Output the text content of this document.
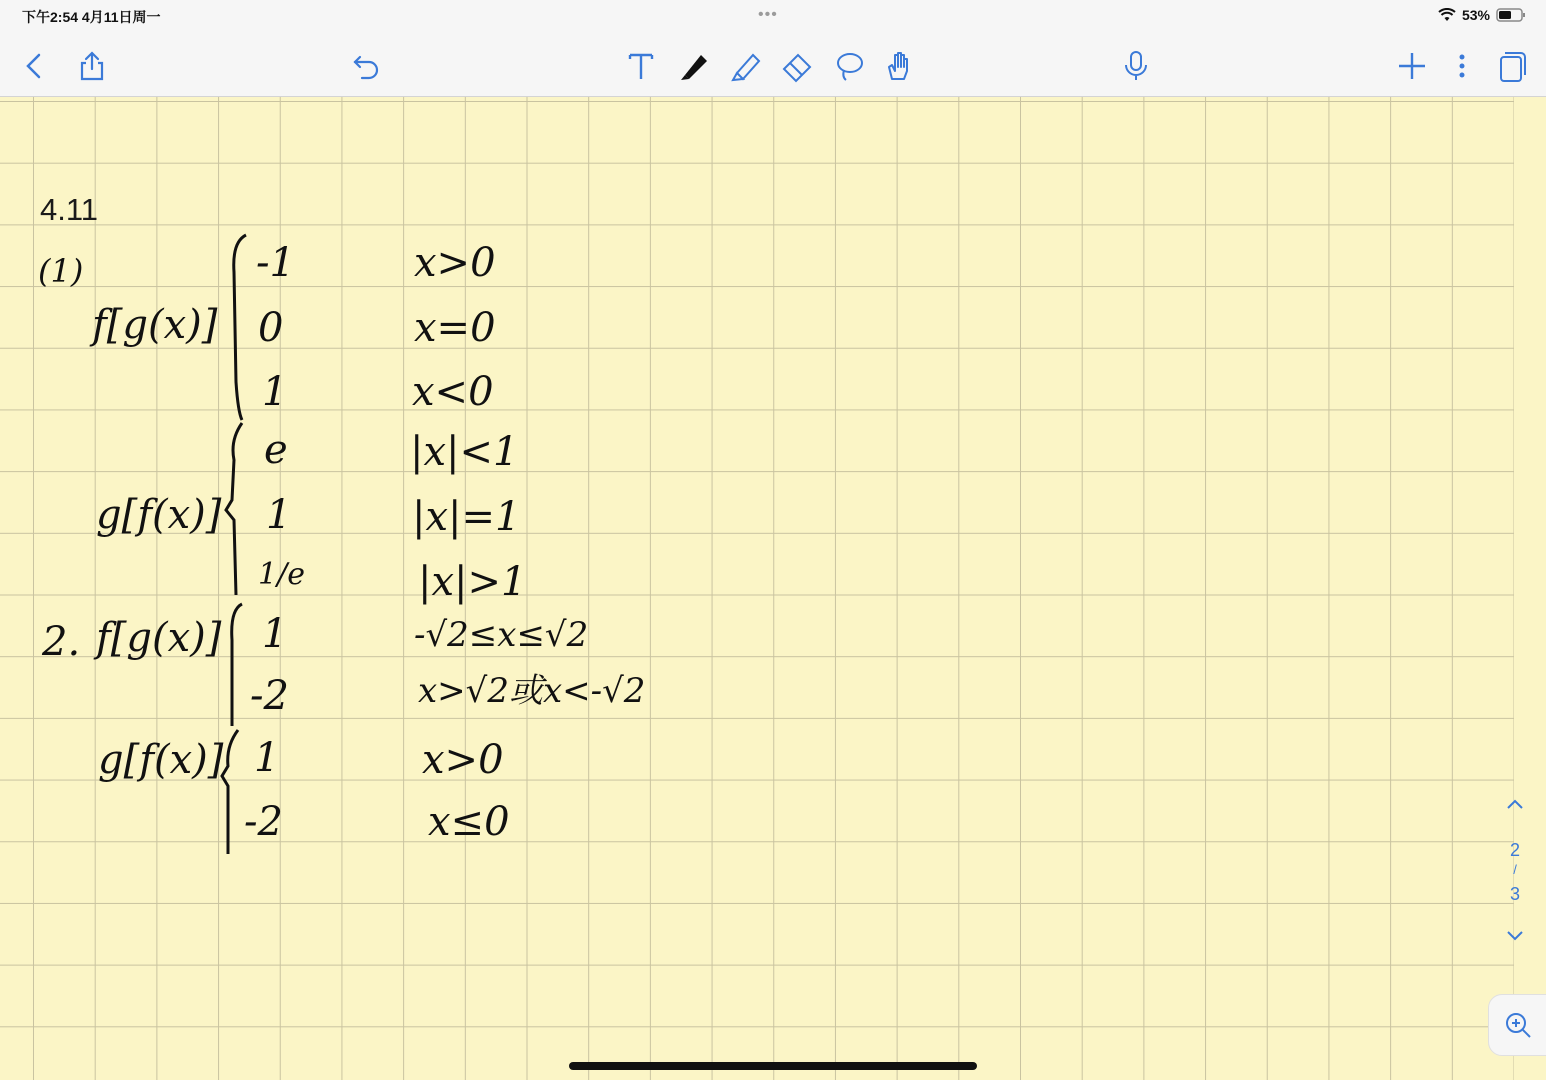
下午2:54 4月11日周一	•••	53%
4.11
(1)
f[g(x)]
-1
0
1
x>0
x=0
x<0
g[f(x)]
e
1
1/e
|x|<1
|x|=1
|x|>1
2. f[g(x)] 1
-2
-√2≤x≤√2
x>√2或x<-√2
g[f(x)] 1
-2
x>0
x≤0
2
/
3
